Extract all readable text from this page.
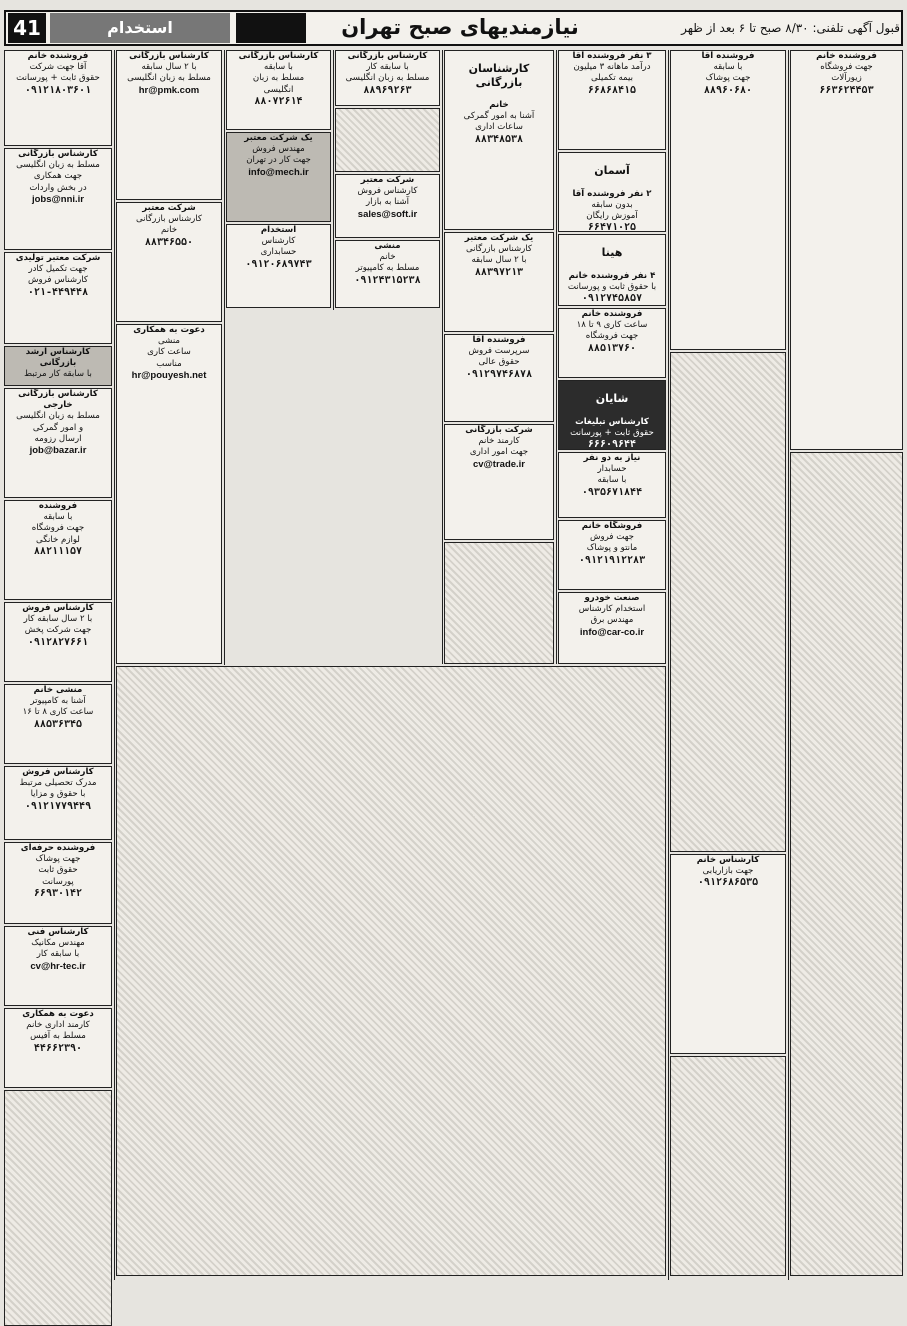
41	استخدام	نیازمندیهای صبح تهران	قبول آگهی تلفنی: ۸/۳۰ صبح تا ۶ بعد از ظهر

فروشنده خانم

آقا جهت شرکت

حقوق ثابت + پورسانت

۰۹۱۲۱۸۰۳۶۰۱

کارشناس بازرگانی

مسلط به زبان انگلیسی

جهت همکاری

در بخش واردات

jobs@nni.ir

شرکت معتبر تولیدی

جهت تکمیل کادر

کارشناس فروش

۰۲۱-۴۴۹۴۴۸

کارشناس ارشد

بازرگانی

با سابقه کار مرتبط

کارشناس بازرگانی خارجی

مسلط به زبان انگلیسی

و امور گمرکی

ارسال رزومه

job@bazar.ir

فروشنده

با سابقه

جهت فروشگاه

لوازم خانگی

۸۸۲۱۱۱۵۷

کارشناس فروش

با ۲ سال سابقه کار

جهت شرکت پخش

۰۹۱۲۸۲۷۶۶۱

منشی خانم

آشنا به کامپیوتر

ساعت کاری ۸ تا ۱۶

۸۸۵۳۶۳۴۵

کارشناس فروش

مدرک تحصیلی مرتبط

با حقوق و مزایا

۰۹۱۲۱۷۷۹۴۴۹

فروشنده حرفه‌ای

جهت پوشاک

حقوق ثابت

پورسانت

۶۶۹۳۰۱۴۲

کارشناس فنی

مهندس مکانیک

با سابقه کار

cv@hr-tec.ir

دعوت به همکاری

کارمند اداری خانم

مسلط به آفیس

۴۴۶۶۲۳۹۰

کارشناس بازرگانی

با ۲ سال سابقه

مسلط به زبان انگلیسی

hr@pmk.com

شرکت معتبر

کارشناس بازرگانی

خانم

۸۸۳۴۶۵۵۰

دعوت به همکاری

منشی

ساعت کاری

مناسب

hr@pouyesh.net

کارشناس بازرگانی

با سابقه

مسلط به زبان

انگلیسی

۸۸۰۷۲۶۱۴

یک شرکت معتبر

مهندس فروش

جهت کار در تهران

info@mech.ir

استخدام

کارشناس

حسابداری

۰۹۱۲۰۶۸۹۷۴۳

کارشناس بازرگانی

با سابقه کار

مسلط به زبان انگلیسی

۸۸۹۶۹۲۶۳

شرکت معتبر

کارشناس فروش

آشنا به بازار

sales@soft.ir

منشی

خانم

مسلط به کامپیوتر

۰۹۱۲۴۳۱۵۲۳۸

کارشناسان بازرگانی

خانم

آشنا به امور گمرکی

ساعات اداری

۸۸۳۴۸۵۳۸

یک شرکت معتبر

کارشناس بازرگانی

با ۲ سال سابقه

۸۸۳۹۷۲۱۳

فروشنده آقا

سرپرست فروش

حقوق عالی

۰۹۱۲۹۷۴۶۸۷۸

شرکت بازرگانی

کارمند خانم

جهت امور اداری

cv@trade.ir

۳ نفر فروشنده آقا

درآمد ماهانه ۳ میلیون

بیمه تکمیلی

۶۶۸۶۸۴۱۵

آسمان

۲ نفر فروشنده آقا

بدون سابقه

آموزش رایگان

۶۶۴۷۱۰۲۵

هینا

۴ نفر فروشنده خانم

با حقوق ثابت و پورسانت

۰۹۱۲۷۴۵۸۵۷

فروشنده خانم

ساعت کاری ۹ تا ۱۸

جهت فروشگاه

۸۸۵۱۳۷۶۰

شایان

کارشناس تبلیغات

حقوق ثابت + پورسانت

۶۶۶۰۹۶۴۴

نیاز به دو نفر

حسابدار

با سابقه

۰۹۳۵۶۷۱۸۴۴

فروشگاه خانم

جهت فروش

مانتو و پوشاک

۰۹۱۲۱۹۱۲۲۸۳

صنعت خودرو

استخدام کارشناس

مهندس برق

info@car-co.ir

فروشنده آقا

با سابقه

جهت پوشاک

۸۸۹۶۰۶۸۰

کارشناس خانم

جهت بازاریابی

۰۹۱۲۶۸۶۵۳۵

فروشنده خانم

جهت فروشگاه

زیورآلات

۶۶۳۶۲۴۴۵۳
